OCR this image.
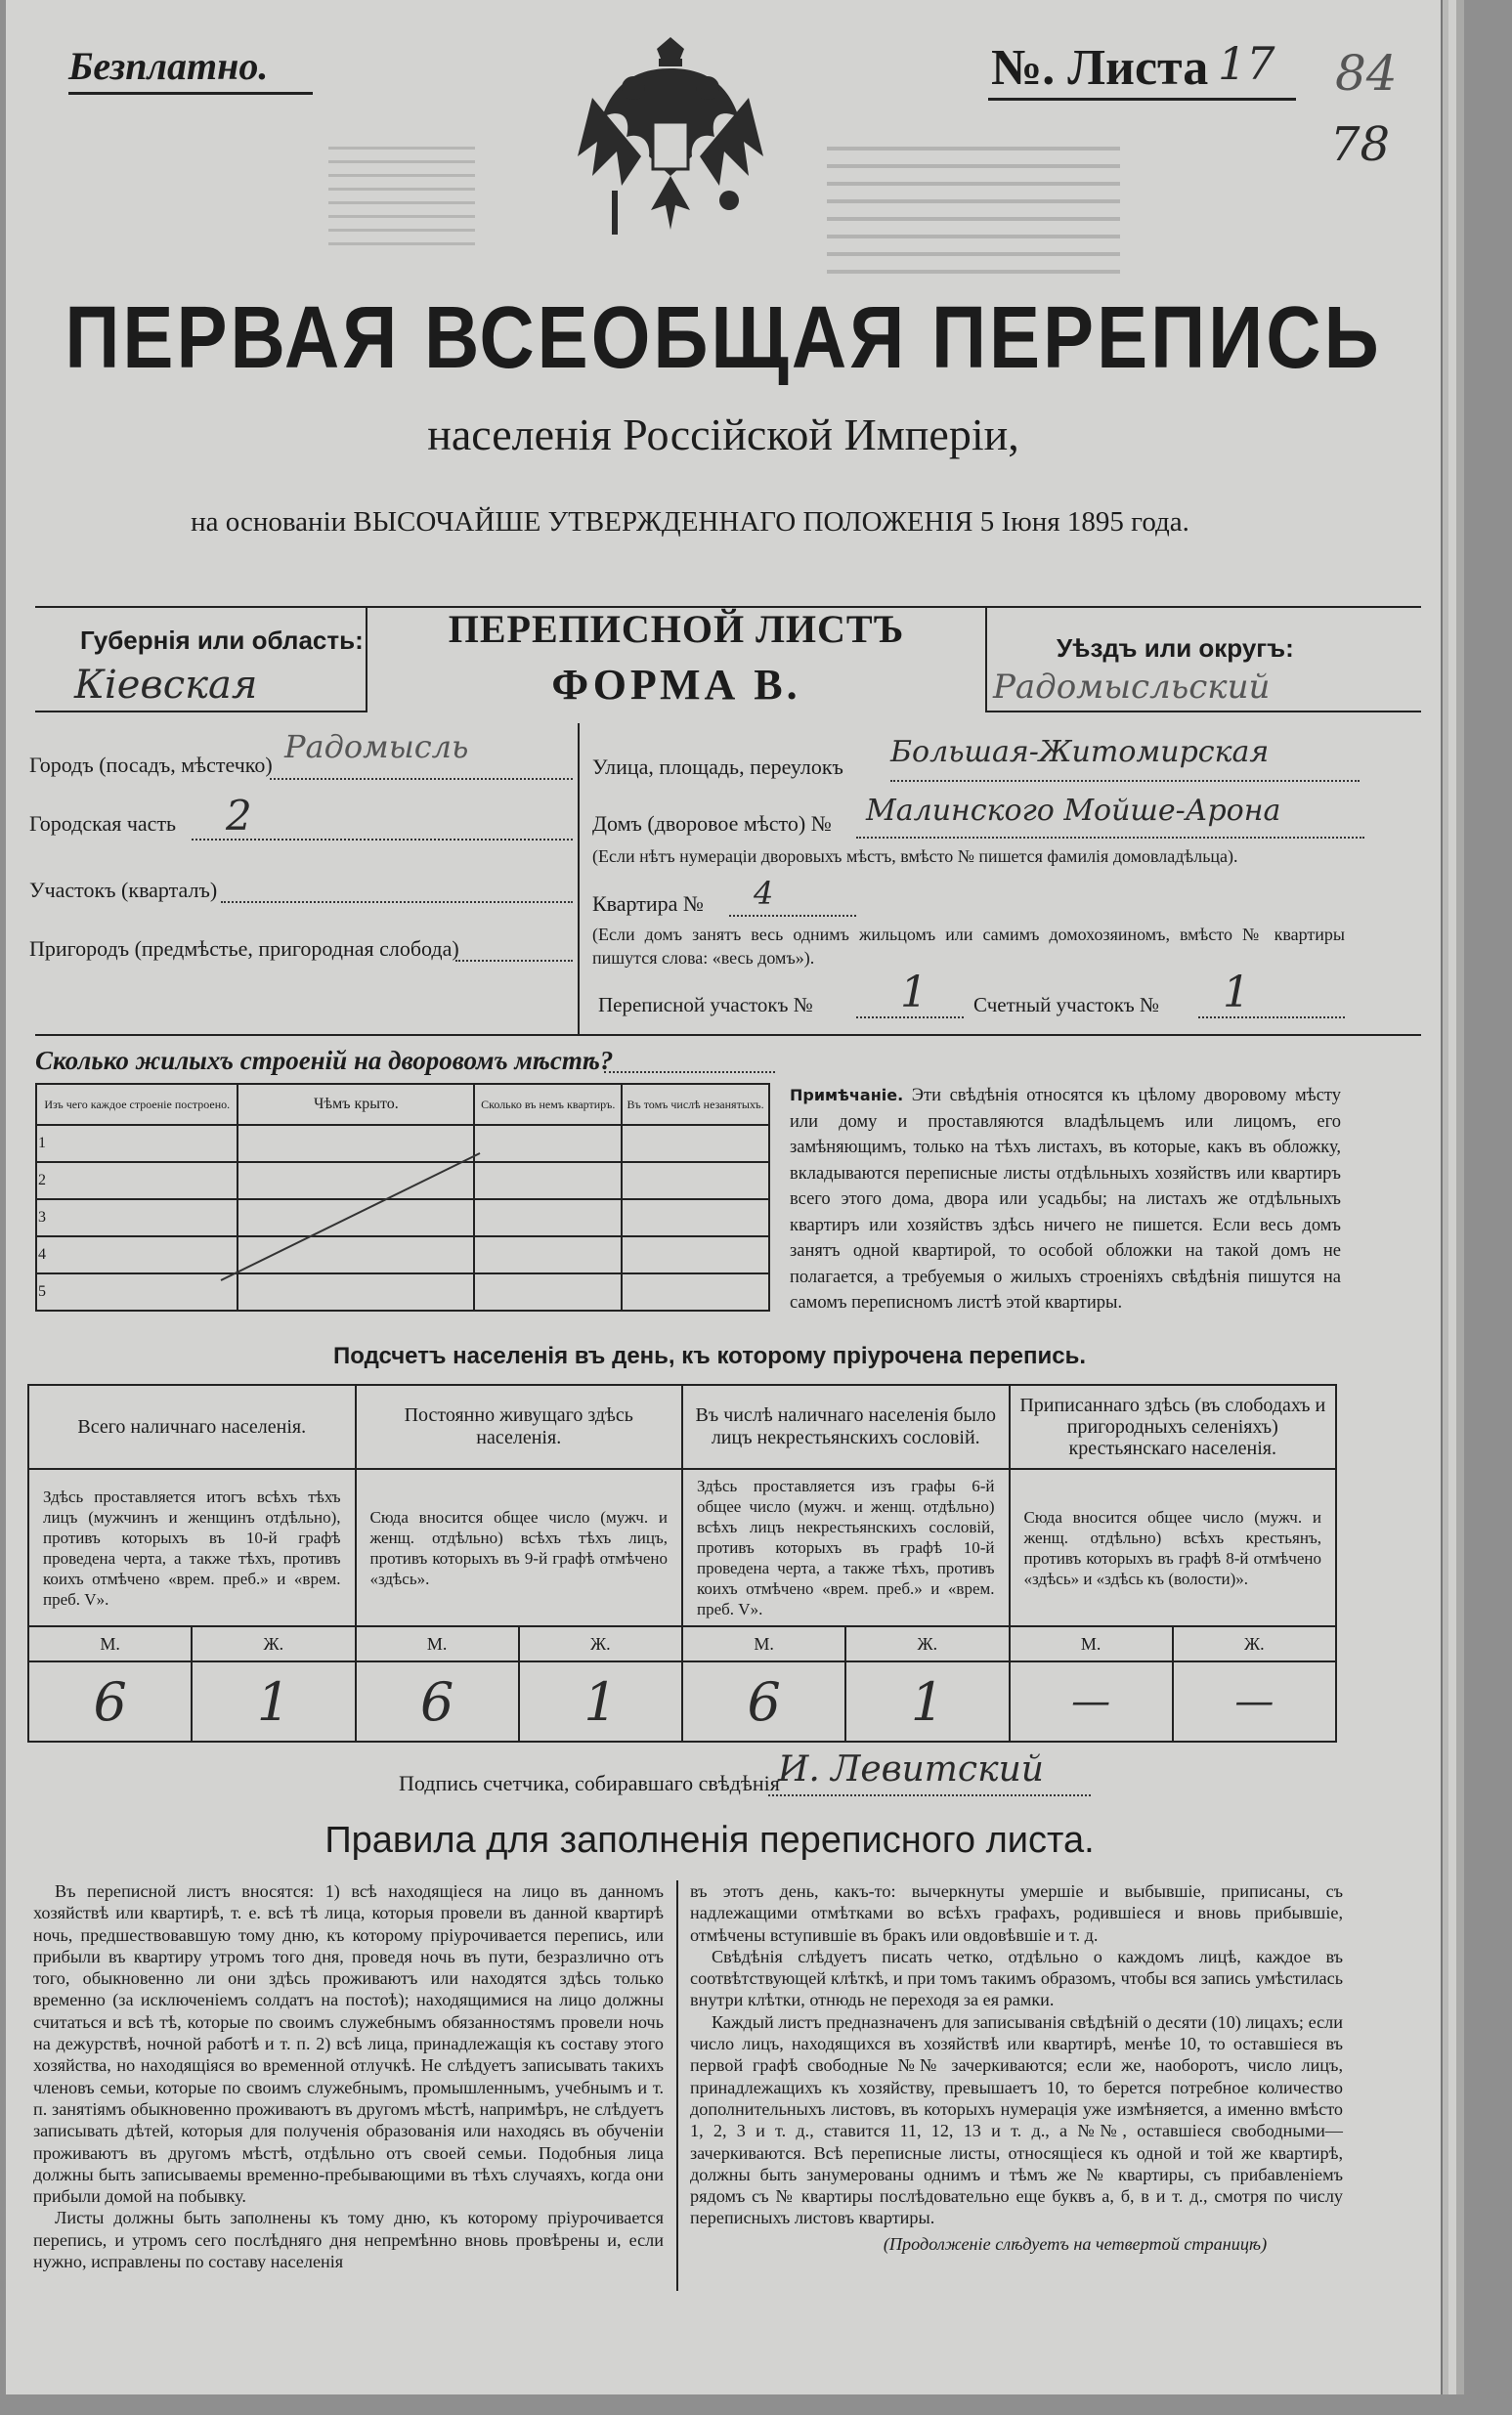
Безплатно.	№. Листа 17 84
78
ПЕРВАЯ ВСЕОБЩАЯ ПЕРЕПИСЬ
населенія Россійской Имперіи,
на основаніи ВЫСОЧАЙШЕ УТВЕРЖДЕННАГО ПОЛОЖЕНІЯ 5 Іюня 1895 года.
Губернія или область:
Кіевская
ПЕРЕПИСНОЙ ЛИСТЪ
ФОРМА В.
Уѣздъ или округъ:
Радомысльский
Городъ (посадъ, мѣстечко) Радомысль
Городская часть 2
Участокъ (кварталъ)
Пригородъ (предмѣстье, пригородная слобода)
Улица, площадь, переулокъ Большая-Житомирская
Домъ (дворовое мѣсто) № Малинского Мойше-Арона
(Если нѣтъ нумераціи дворовыхъ мѣстъ, вмѣсто № пишется фамилія домовладѣльца).
Квартира № 4
(Если домъ занятъ весь однимъ жильцомъ или самимъ домохозяиномъ, вмѣсто № квартиры пишутся слова: «весь домъ»).
Переписной участокъ № 1 Счетный участокъ № 1
Сколько жилыхъ строеній на дворовомъ мѣстѣ?
Изъ чего каждое строеніе построено.	Чѣмъ крыто.	Сколько въ немъ квартиръ.	Въ томъ числѣ незанятыхъ.
1			
2			
3			
4			
5			
Примѣчаніе. Эти свѣдѣнія относятся къ цѣлому дворовому мѣсту или дому и проставляются владѣльцемъ или лицомъ, его замѣняющимъ, только на тѣхъ листахъ, въ которые, какъ въ обложку, вкладываются переписные листы отдѣльныхъ хозяйствъ или квартиръ всего этого дома, двора или усадьбы; на листахъ же отдѣльныхъ квартиръ или хозяйствъ здѣсь ничего не пишется. Если весь домъ занятъ одной квартирой, то особой обложки на такой домъ не полагается, а требуемыя о жилыхъ строеніяхъ свѣдѣнія пишутся на самомъ переписномъ листѣ этой квартиры.
Подсчетъ населенія въ день, къ которому пріурочена перепись.
Всего наличнаго населенія.		Постоянно живущаго здѣсь населенія.		Въ числѣ наличнаго населенія было лицъ некрестьянскихъ сословій.		Приписаннаго здѣсь (въ слободахъ и пригородныхъ селеніяхъ) крестьянскаго населенія.	
Здѣсь проставляется итогъ всѣхъ тѣхъ лицъ (мужчинъ и женщинъ отдѣльно), противъ которыхъ въ 10-й графѣ проведена черта, а также тѣхъ, противъ коихъ отмѣчено «врем. преб.» и «врем. преб. V».		Сюда вносится общее число (мужч. и женщ. отдѣльно) всѣхъ тѣхъ лицъ, противъ которыхъ въ 9-й графѣ отмѣчено «здѣсь».		Здѣсь проставляется изъ графы 6-й общее число (мужч. и женщ. отдѣльно) всѣхъ лицъ некрестьянскихъ сословій, противъ которыхъ въ графѣ 10-й проведена черта, а также тѣхъ, противъ коихъ отмѣчено «врем. преб.» и «врем. преб. V».		Сюда вносится общее число (мужч. и женщ. отдѣльно) всѣхъ крестьянъ, противъ которыхъ въ графѣ 8-й отмѣчено «здѣсь» и «здѣсь къ (волости)».	
М.	Ж.	М.	Ж.	М.	Ж.	М.	Ж.
6	1	6	1	6	1	—	—
Подпись счетчика, собиравшаго свѣдѣнія
И. Левитский
Правила для заполненія переписного листа.

Въ переписной листъ вносятся: 1) всѣ находящіеся на лицо въ данномъ хозяйствѣ или квартирѣ, т. е. всѣ тѣ лица, которыя провели въ данной квартирѣ ночь, предшествовавшую тому дню, къ которому пріурочивается перепись, или прибыли въ квартиру утромъ того дня, проведя ночь въ пути, безразлично отъ того, обыкновенно ли они здѣсь проживаютъ или находятся здѣсь только временно (за исключеніемъ солдатъ на постоѣ); находящимися на лицо должны считаться и всѣ тѣ, которые по своимъ служебнымъ обязанностямъ провели ночь на дежурствѣ, ночной работѣ и т. п. 2) всѣ лица, принадлежащія къ составу этого хозяйства, но находящіяся во временной отлучкѣ. Не слѣдуетъ записывать такихъ членовъ семьи, которые по своимъ служебнымъ, промышленнымъ, учебнымъ и т. п. занятіямъ обыкновенно проживаютъ въ другомъ мѣстѣ, напримѣръ, не слѣдуетъ записывать дѣтей, которыя для полученія образованія или находясь въ обученіи проживаютъ въ другомъ мѣстѣ, отдѣльно отъ своей семьи. Подобныя лица должны быть записываемы временно-пребывающими въ тѣхъ случаяхъ, когда они прибыли домой на побывку.

Листы должны быть заполнены къ тому дню, къ которому пріурочивается перепись, и утромъ сего послѣдняго дня непремѣнно вновь провѣрены и, если нужно, исправлены по составу населенія

въ этотъ день, какъ-то: вычеркнуты умершіе и выбывшіе, приписаны, съ надлежащими отмѣтками во всѣхъ графахъ, родившіеся и вновь прибывшіе, отмѣчены вступившіе въ бракъ или овдовѣвшіе и т. д.

Свѣдѣнія слѣдуетъ писать четко, отдѣльно о каждомъ лицѣ, каждое въ соотвѣтствующей клѣткѣ, и при томъ такимъ образомъ, чтобы вся запись умѣстилась внутри клѣтки, отнюдь не переходя за ея рамки.

Каждый листъ предназначенъ для записыванія свѣдѣній о десяти (10) лицахъ; если число лицъ, находящихся въ хозяйствѣ или квартирѣ, менѣе 10, то оставшіеся въ первой графѣ свободные №№ зачеркиваются; если же, наоборотъ, число лицъ, принадлежащихъ къ хозяйству, превышаетъ 10, то берется потребное количество дополнительныхъ листовъ, въ которыхъ нумерація уже измѣняется, а именно вмѣсто 1, 2, 3 и т. д., ставится 11, 12, 13 и т. д., а №№, оставшіеся свободными—зачеркиваются. Всѣ переписные листы, относящіеся къ одной и той же квартирѣ, должны быть занумерованы однимъ и тѣмъ же № квартиры, съ прибавленіемъ рядомъ съ № квартиры послѣдовательно еще буквъ а, б, в и т. д., смотря по числу переписныхъ листовъ квартиры.

(Продолженіе слѣдуетъ на четвертой страницѣ)
